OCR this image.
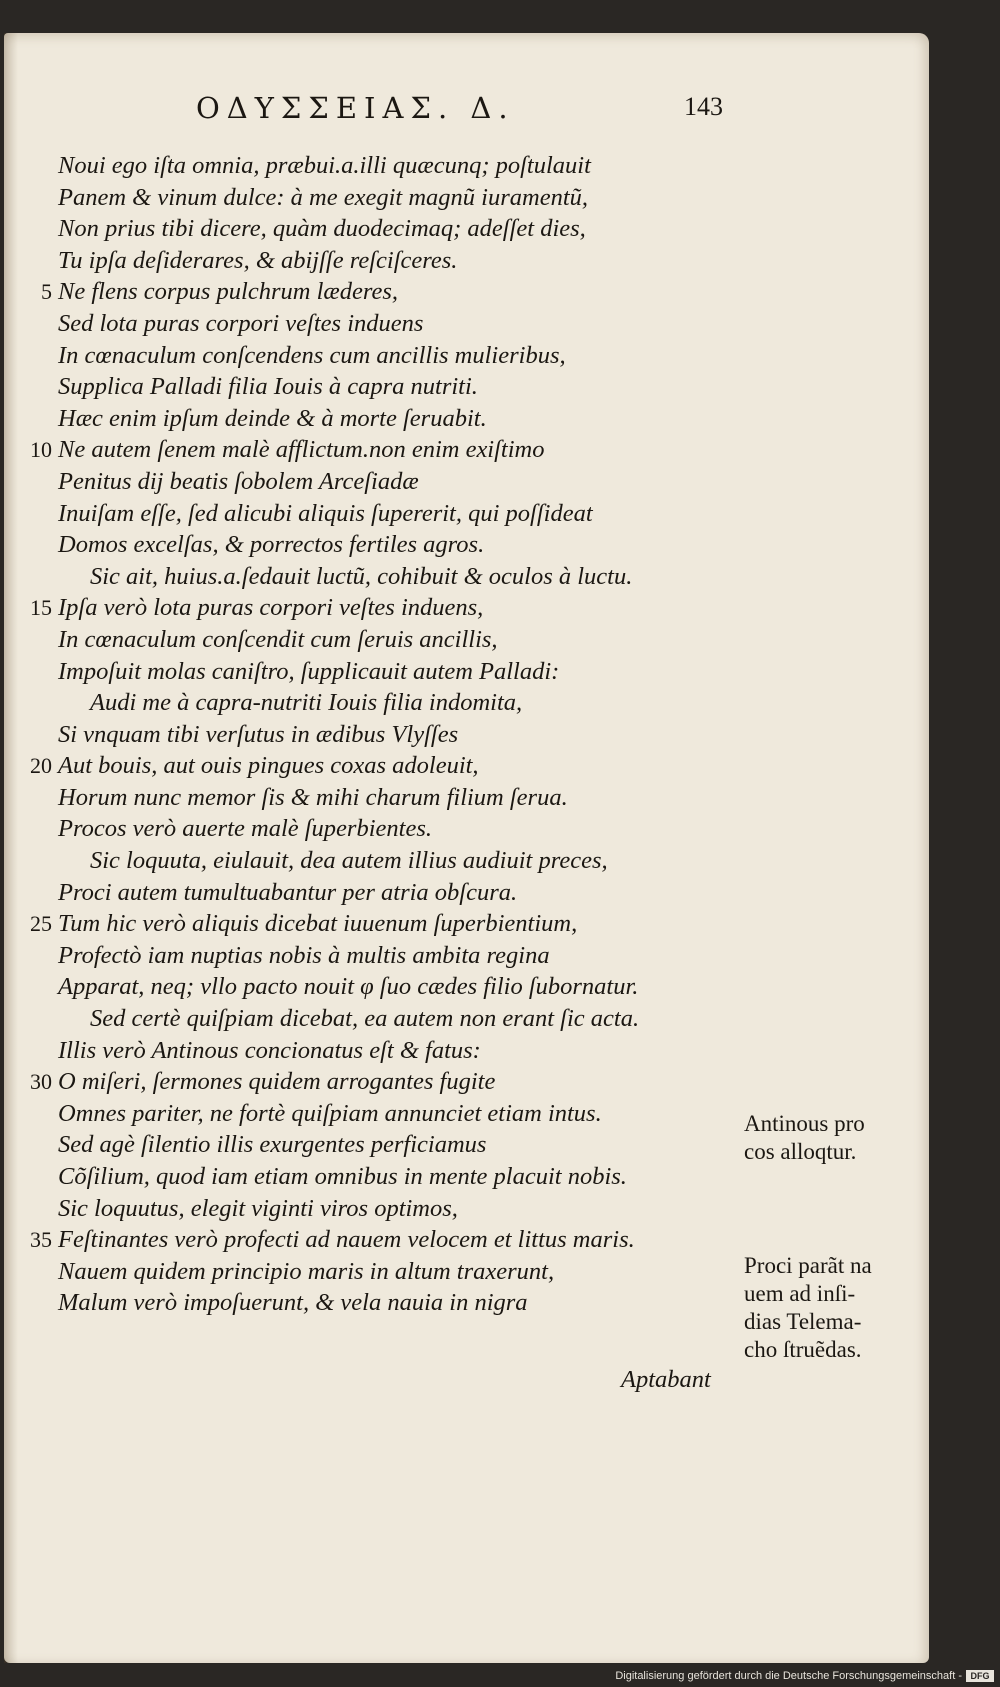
ΟΔΥΣΣΕΙΑΣ. Δ.	143
Noui ego iſta omnia, præbui.a.illi quæcunq; poſtulauit
Panem & vinum dulce: à me exegit magnũ iuramentũ,
Non prius tibi dicere, quàm duodecimaq; adeſſet dies,
Tu ipſa deſiderares, & abijſſe reſciſceres.
5 Ne flens corpus pulchrum læderes,
Sed lota puras corpori veſtes induens
In cœnaculum conſcendens cum ancillis mulieribus,
Supplica Palladi filia Iouis à capra nutriti.
Hæc enim ipſum deinde & à morte ſeruabit.
10 Ne autem ſenem malè afflictum.non enim exiſtimo
Penitus dij beatis ſobolem Arceſiadæ
Inuiſam eſſe, ſed alicubi aliquis ſupererit, qui poſſideat
Domos excelſas, & porrectos fertiles agros.
Sic ait, huius.a.ſedauit luctũ, cohibuit & oculos à luctu.
15 Ipſa verò lota puras corpori veſtes induens,
In cœnaculum conſcendit cum ſeruis ancillis,
Impoſuit molas caniſtro, ſupplicauit autem Palladi:
Audi me à capra-nutriti Iouis filia indomita,
Si vnquam tibi verſutus in ædibus Vlyſſes
20 Aut bouis, aut ouis pingues coxas adoleuit,
Horum nunc memor ſis & mihi charum filium ſerua.
Procos verò auerte malè ſuperbientes.
Sic loquuta, eiulauit, dea autem illius audiuit preces,
Proci autem tumultuabantur per atria obſcura.
25 Tum hic verò aliquis dicebat iuuenum ſuperbientium,
Profectò iam nuptias nobis à multis ambita regina
Apparat, neq; vllo pacto nouit φ ſuo cædes filio ſubornatur.
Sed certè quiſpiam dicebat, ea autem non erant ſic acta.
Illis verò Antinous concionatus eſt & fatus:
30 O miſeri, ſermones quidem arrogantes fugite
Omnes pariter, ne fortè quiſpiam annunciet etiam intus.
Sed agè ſilentio illis exurgentes perficiamus
Cõſilium, quod iam etiam omnibus in mente placuit nobis.
Sic loquutus, elegit viginti viros optimos,
35 Feſtinantes verò profecti ad nauem velocem et littus maris.
Nauem quidem principio maris in altum traxerunt,
Malum verò impoſuerunt, & vela nauia in nigra
Aptabant
Antinous pro
cos alloqtur.
Proci parãt na
uem ad inſi-
dias Telema-
cho ſtruẽdas.
Digitalisierung gefördert durch die Deutsche Forschungsgemeinschaft - DFG
